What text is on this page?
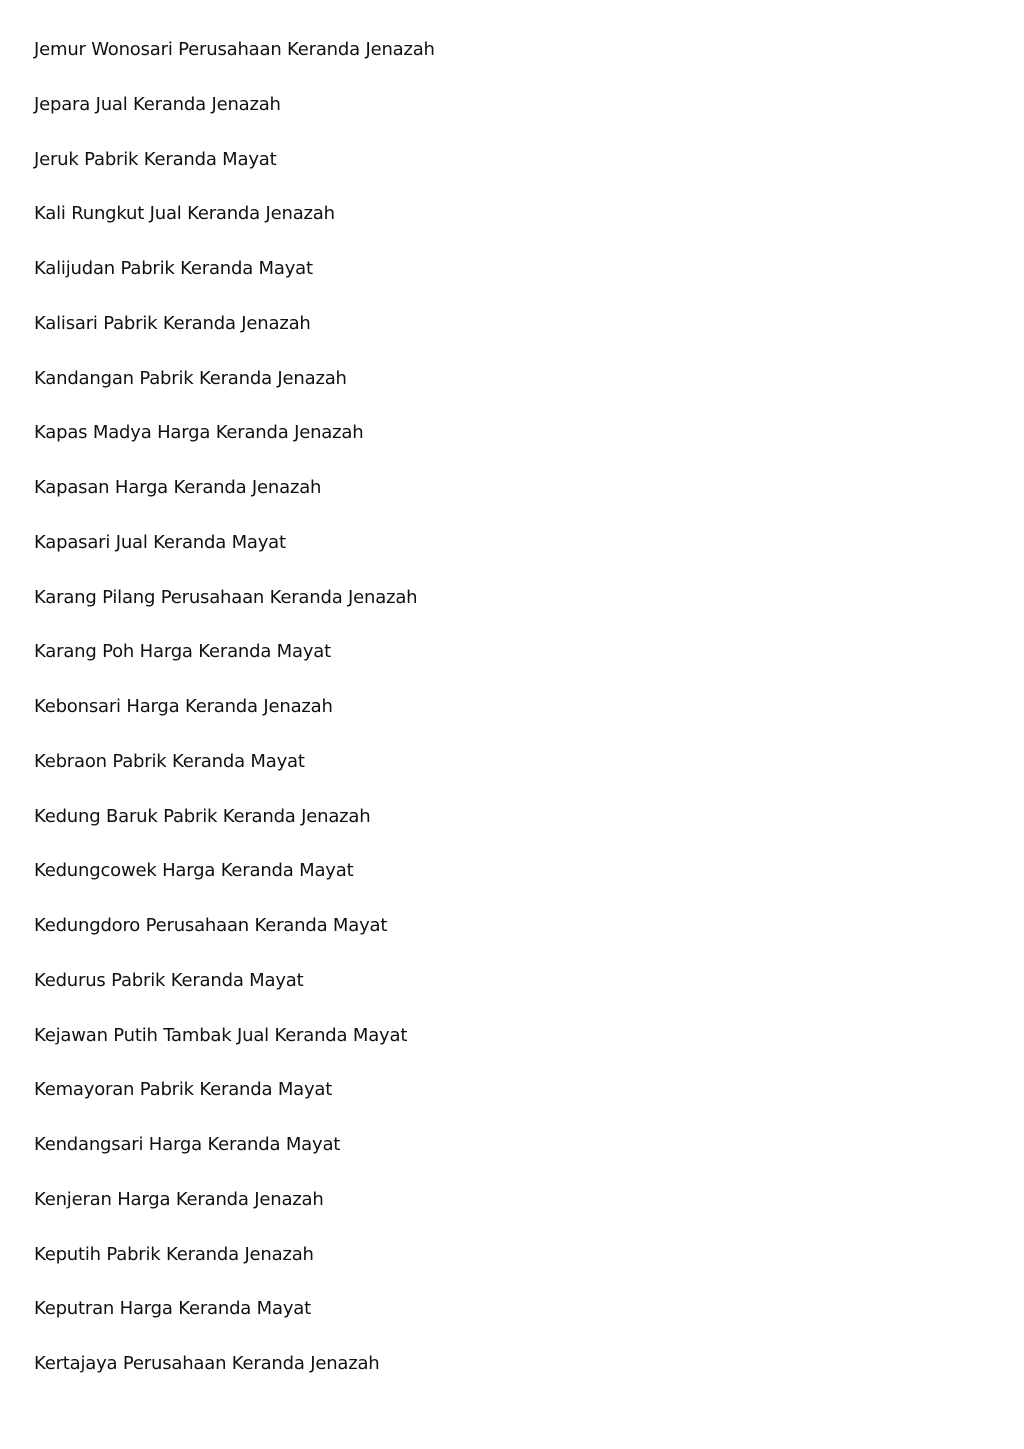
Jemur Wonosari Perusahaan Keranda Jenazah
Jepara Jual Keranda Jenazah
Jeruk Pabrik Keranda Mayat
Kali Rungkut Jual Keranda Jenazah
Kalijudan Pabrik Keranda Mayat
Kalisari Pabrik Keranda Jenazah
Kandangan Pabrik Keranda Jenazah
Kapas Madya Harga Keranda Jenazah
Kapasan Harga Keranda Jenazah
Kapasari Jual Keranda Mayat
Karang Pilang Perusahaan Keranda Jenazah
Karang Poh Harga Keranda Mayat
Kebonsari Harga Keranda Jenazah
Kebraon Pabrik Keranda Mayat
Kedung Baruk Pabrik Keranda Jenazah
Kedungcowek Harga Keranda Mayat
Kedungdoro Perusahaan Keranda Mayat
Kedurus Pabrik Keranda Mayat
Kejawan Putih Tambak Jual Keranda Mayat
Kemayoran Pabrik Keranda Mayat
Kendangsari Harga Keranda Mayat
Kenjeran Harga Keranda Jenazah
Keputih Pabrik Keranda Jenazah
Keputran Harga Keranda Mayat
Kertajaya Perusahaan Keranda Jenazah
